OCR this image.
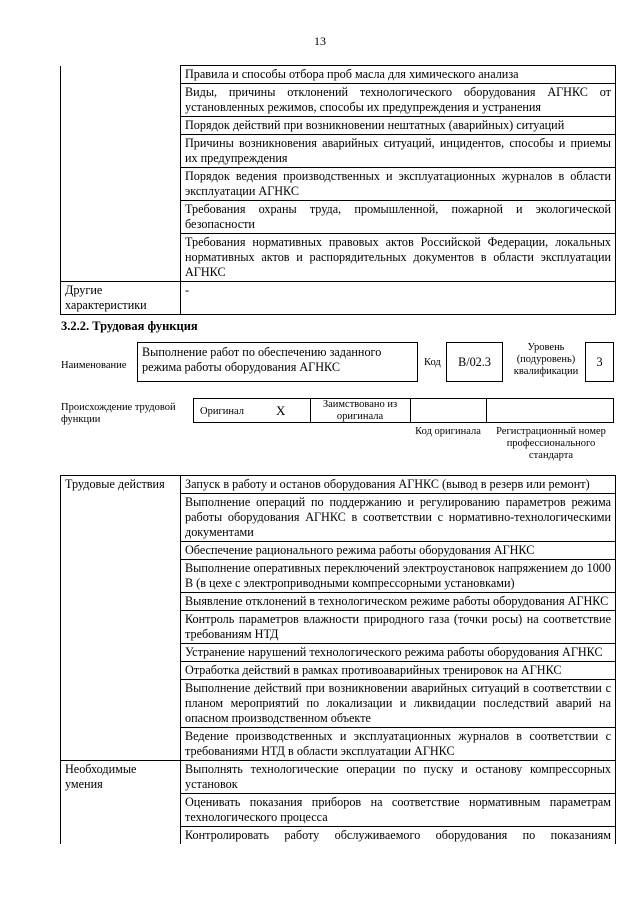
13
	Правила и способы отбора проб масла для химического анализа
	Виды, причины отклонений технологического оборудования АГНКС от установленных режимов, способы их предупреждения и устранения
	Порядок действий при возникновении нештатных (аварийных) ситуаций
	Причины возникновения аварийных ситуаций, инцидентов, способы и приемы их предупреждения
	Порядок ведения производственных и эксплуатационных журналов в области эксплуатации АГНКС
	Требования охраны труда, промышленной, пожарной и экологической безопасности
	Требования нормативных правовых актов Российской Федерации, локальных нормативных актов и распорядительных документов в области эксплуатации АГНКС
Другие характеристики	-
3.2.2. Трудовая функция
Наименование
Выполнение работ по обеспечению заданного режима работы оборудования АГНКС	Код	B/02.3
Уровень (подуровень) квалификации
3
Происхождение трудовой функции
Оригинал X	Заимствовано из оригинала
Код оригинала	Регистрационный номер профессионального стандарта
Трудовые действия	Запуск в работу и останов оборудования АГНКС (вывод в резерв или ремонт)
	Выполнение операций по поддержанию и регулированию параметров режима работы оборудования АГНКС в соответствии с нормативно-технологическими документами
	Обеспечение рационального режима работы оборудования АГНКС
	Выполнение оперативных переключений электроустановок напряжением до 1000 В (в цехе с электроприводными компрессорными установками)
	Выявление отклонений в технологическом режиме работы оборудования АГНКС
	Контроль параметров влажности природного газа (точки росы) на соответствие требованиям НТД
	Устранение нарушений технологического режима работы оборудования АГНКС
	Отработка действий в рамках противоаварийных тренировок на АГНКС
	Выполнение действий при возникновении аварийных ситуаций в соответствии с планом мероприятий по локализации и ликвидации последствий аварий на опасном производственном объекте
	Ведение производственных и эксплуатационных журналов в соответствии с требованиями НТД в области эксплуатации АГНКС
Необходимые умения	Выполнять технологические операции по пуску и останову компрессорных установок
	Оценивать показания приборов на соответствие нормативным параметрам технологического процесса
	Контролировать работу обслуживаемого оборудования по показаниям
